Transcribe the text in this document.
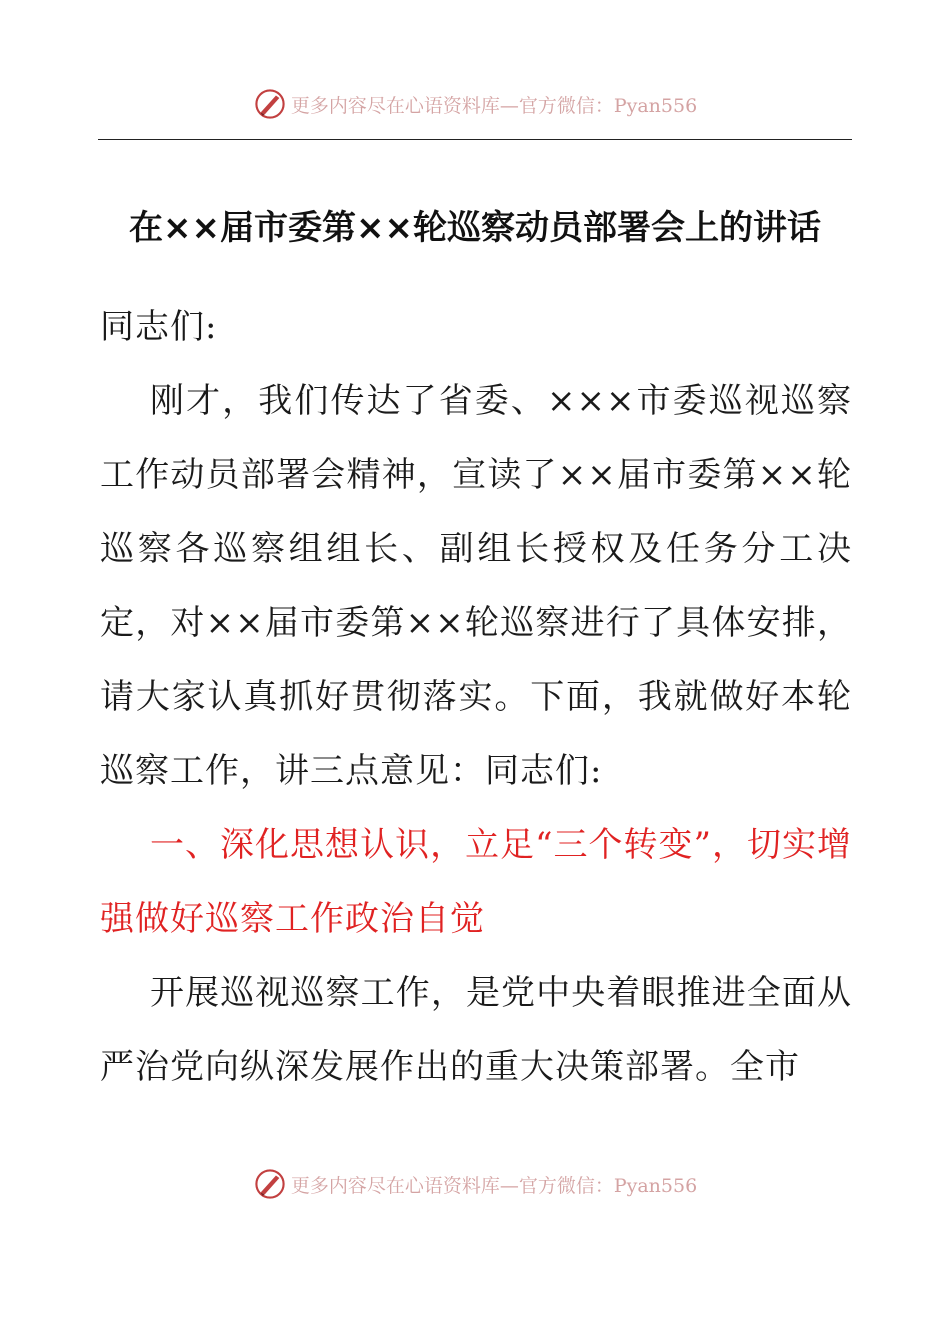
更多内容尽在心语资料库—官方微信：Pyan556
在××届市委第××轮巡察动员部署会上的讲话

同志们:

刚才，我们传达了省委、×××市委巡视巡察工作动员部署会精神，宣读了××届市委第××轮巡察各巡察组组长、副组长授权及任务分工决定，对××届市委第××轮巡察进行了具体安排，请大家认真抓好贯彻落实。下面，我就做好本轮巡察工作，讲三点意见：同志们:

一、深化思想认识，立足“三个转变”，切实增强做好巡察工作政治自觉

开展巡视巡察工作，是党中央着眼推进全面从严治党向纵深发展作出的重大决策部署。全市

更多内容尽在心语资料库—官方微信：Pyan556
